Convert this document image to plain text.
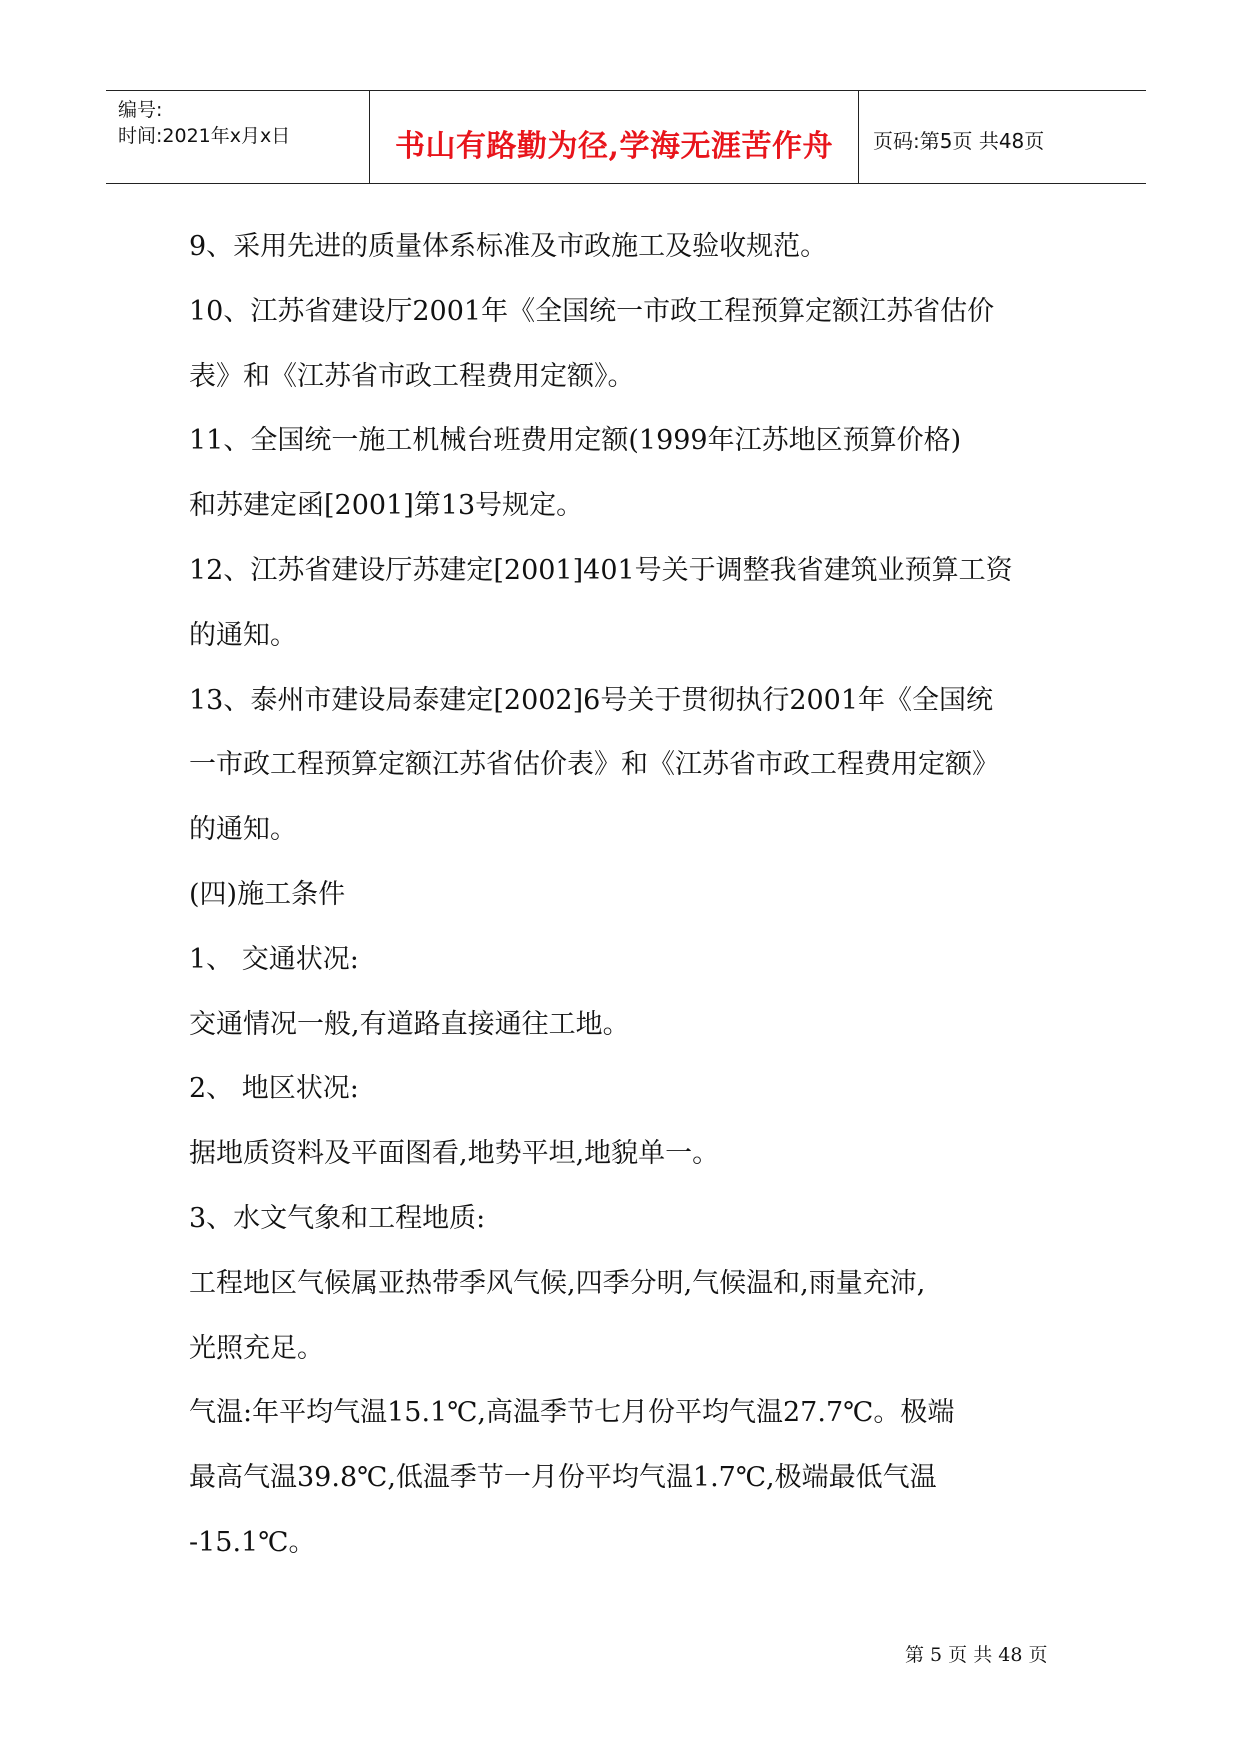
编号:
时间:2021年x月x日	书山有路勤为径,学海无涯苦作舟	页码:第5页 共48页
9、采用先进的质量体系标准及市政施工及验收规范。
10、江苏省建设厅2001年《全国统一市政工程预算定额江苏省估价
表》和《江苏省市政工程费用定额》。
11、全国统一施工机械台班费用定额(1999年江苏地区预算价格)
和苏建定函[2001]第13号规定。
12、江苏省建设厅苏建定[2001]401号关于调整我省建筑业预算工资
的通知。
13、泰州市建设局泰建定[2002]6号关于贯彻执行2001年《全国统
一市政工程预算定额江苏省估价表》和《江苏省市政工程费用定额》
的通知。
(四)施工条件
1、 交通状况:
交通情况一般,有道路直接通往工地。
2、 地区状况:
据地质资料及平面图看,地势平坦,地貌单一。
3、水文气象和工程地质:
工程地区气候属亚热带季风气候,四季分明,气候温和,雨量充沛,
光照充足。
气温:年平均气温15.1℃,高温季节七月份平均气温27.7℃。极端
最高气温39.8℃,低温季节一月份平均气温1.7℃,极端最低气温
-15.1℃。
第 5 页 共 48 页
